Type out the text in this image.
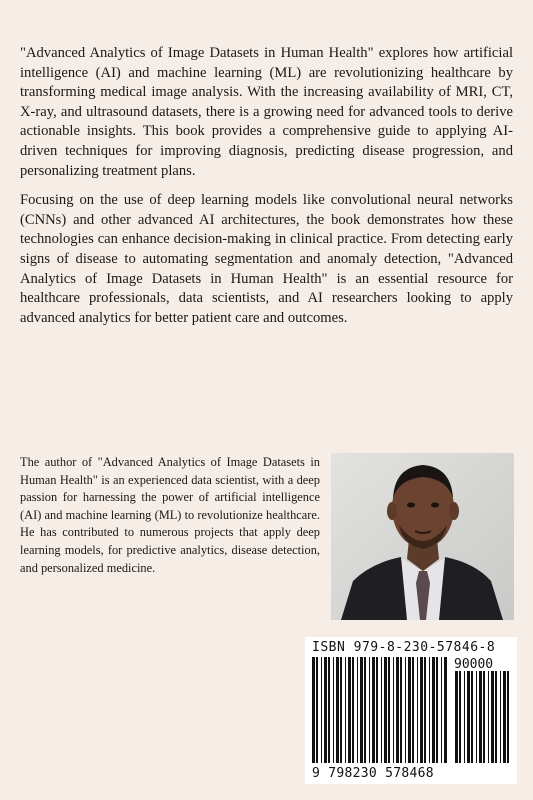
"Advanced Analytics of Image Datasets in Human Health" explores how artificial intelligence (AI) and machine learning (ML) are revolutionizing healthcare by transforming medical image analysis. With the increasing availability of MRI, CT, X-ray, and ultrasound datasets, there is a growing need for advanced tools to derive actionable insights. This book provides a comprehensive guide to applying AI-driven techniques for improving diagnosis, predicting disease progression, and personalizing treatment plans.

Focusing on the use of deep learning models like convolutional neural networks (CNNs) and other advanced AI architectures, the book demonstrates how these technologies can enhance decision-making in clinical practice. From detecting early signs of disease to automating segmentation and anomaly detection, "Advanced Analytics of Image Datasets in Human Health" is an essential resource for healthcare professionals, data scientists, and AI researchers looking to apply advanced analytics for better patient care and outcomes.

The author of "Advanced Analytics of Image Datasets in Human Health" is an experienced data scientist, with a deep passion for harnessing the power of artificial intelligence (AI) and machine learning (ML) to revolutionize healthcare. He has contributed to numerous projects that apply deep learning models, for predictive analytics, disease detection, and personalized medicine.

ISBN 979-8-230-57846-8
90000
9 798230 578468
